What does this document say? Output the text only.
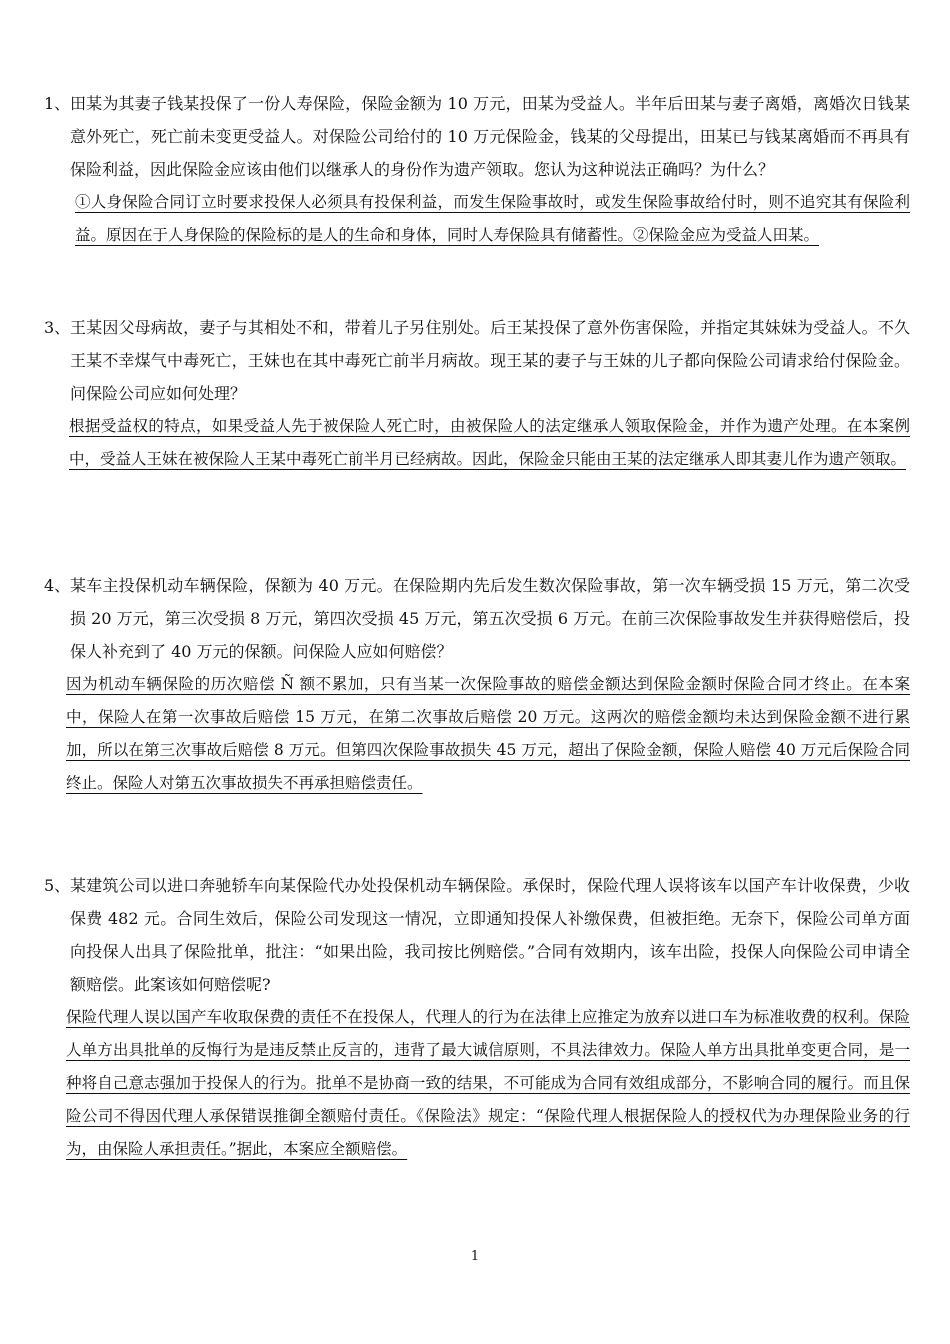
1、 田某为其妻子钱某投保了一份人寿保险，保险金额为 10 万元，田某为受益人。半年后田某与妻子离婚，离婚次日钱某意外死亡，死亡前未变更受益人。对保险公司给付的 10 万元保险金，钱某的父母提出，田某已与钱某离婚而不再具有保险利益，因此保险金应该由他们以继承人的身份作为遗产领取。您认为这种说法正确吗？为什么？

①人身保险合同订立时要求投保人必须具有投保利益，而发生保险事故时，或发生保险事故给付时，则不追究其有保险利益。原因在于人身保险的保险标的是人的生命和身体，同时人寿保险具有储蓄性。②保险金应为受益人田某。

3、 王某因父母病故，妻子与其相处不和，带着儿子另住别处。后王某投保了意外伤害保险，并指定其妹妹为受益人。不久王某不幸煤气中毒死亡，王妹也在其中毒死亡前半月病故。现王某的妻子与王妹的儿子都向保险公司请求给付保险金。问保险公司应如何处理？

根据受益权的特点，如果受益人先于被保险人死亡时，由被保险人的法定继承人领取保险金，并作为遗产处理。在本案例中，受益人王妹在被保险人王某中毒死亡前半月已经病故。因此，保险金只能由王某的法定继承人即其妻儿作为遗产领取。

4、 某车主投保机动车辆保险，保额为 40 万元。在保险期内先后发生数次保险事故，第一次车辆受损 15 万元，第二次受损 20 万元，第三次受损 8 万元，第四次受损 45 万元，第五次受损 6 万元。在前三次保险事故发生并获得赔偿后，投保人补充到了 40 万元的保额。问保险人应如何赔偿？

因为机动车辆保险的历次赔偿 Ñ 额不累加，只有当某一次保险事故的赔偿金额达到保险金额时保险合同才终止。在本案中，保险人在第一次事故后赔偿 15 万元，在第二次事故后赔偿 20 万元。这两次的赔偿金额均未达到保险金额不进行累加，所以在第三次事故后赔偿 8 万元。但第四次保险事故损失 45 万元，超出了保险金额，保险人赔偿 40 万元后保险合同终止。保险人对第五次事故损失不再承担赔偿责任。

5、 某建筑公司以进口奔驰轿车向某保险代办处投保机动车辆保险。承保时，保险代理人误将该车以国产车计收保费，少收保费 482 元。合同生效后，保险公司发现这一情况，立即通知投保人补缴保费，但被拒绝。无奈下，保险公司单方面向投保人出具了保险批单，批注：“如果出险，我司按比例赔偿。”合同有效期内，该车出险，投保人向保险公司申请全额赔偿。此案该如何赔偿呢?

保险代理人误以国产车收取保费的责任不在投保人，代理人的行为在法律上应推定为放弃以进口车为标准收费的权利。保险人单方出具批单的反悔行为是违反禁止反言的，违背了最大诚信原则，不具法律效力。保险人单方出具批单变更合同，是一种将自己意志强加于投保人的行为。批单不是协商一致的结果，不可能成为合同有效组成部分，不影响合同的履行。而且保险公司不得因代理人承保错误推御全额赔付责任。《保险法》规定：“保险代理人根据保险人的授权代为办理保险业务的行为，由保险人承担责任。”据此，本案应全额赔偿。

1
